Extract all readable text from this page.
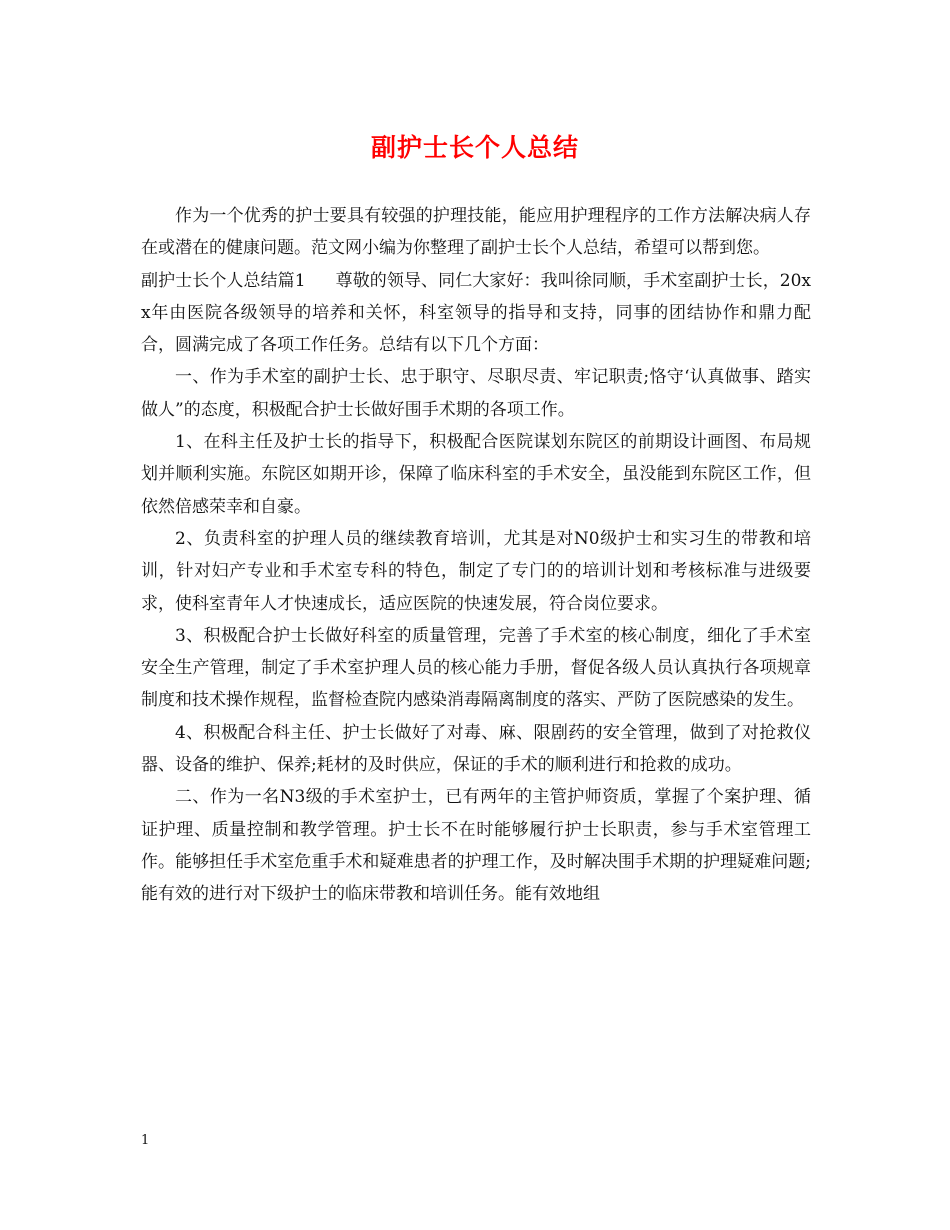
副护士长个人总结

作为一个优秀的护士要具有较强的护理技能，能应用护理程序的工作方法解决病人存在或潜在的健康问题。范文网小编为你整理了副护士长个人总结，希望可以帮到您。

副护士长个人总结篇1 尊敬的领导、同仁大家好：我叫徐同顺，手术室副护士长，20xx年由医院各级领导的培养和关怀，科室领导的指导和支持，同事的团结协作和鼎力配合，圆满完成了各项工作任务。总结有以下几个方面：

一、作为手术室的副护士长、忠于职守、尽职尽责、牢记职责;恪守‘认真做事、踏实做人”的态度，积极配合护士长做好围手术期的各项工作。

1、在科主任及护士长的指导下，积极配合医院谋划东院区的前期设计画图、布局规划并顺利实施。东院区如期开诊，保障了临床科室的手术安全，虽没能到东院区工作，但依然倍感荣幸和自豪。

2、负责科室的护理人员的继续教育培训，尤其是对N0级护士和实习生的带教和培训，针对妇产专业和手术室专科的特色，制定了专门的的培训计划和考核标准与进级要求，使科室青年人才快速成长，适应医院的快速发展，符合岗位要求。

3、积极配合护士长做好科室的质量管理，完善了手术室的核心制度，细化了手术室安全生产管理，制定了手术室护理人员的核心能力手册，督促各级人员认真执行各项规章制度和技术操作规程，监督检查院内感染消毒隔离制度的落实、严防了医院感染的发生。

4、积极配合科主任、护士长做好了对毒、麻、限剧药的安全管理，做到了对抢救仪器、设备的维护、保养;耗材的及时供应，保证的手术的顺利进行和抢救的成功。

二、作为一名N3级的手术室护士，已有两年的主管护师资质，掌握了个案护理、循证护理、质量控制和教学管理。护士长不在时能够履行护士长职责，参与手术室管理工作。能够担任手术室危重手术和疑难患者的护理工作，及时解决围手术期的护理疑难问题;能有效的进行对下级护士的临床带教和培训任务。能有效地组

1
